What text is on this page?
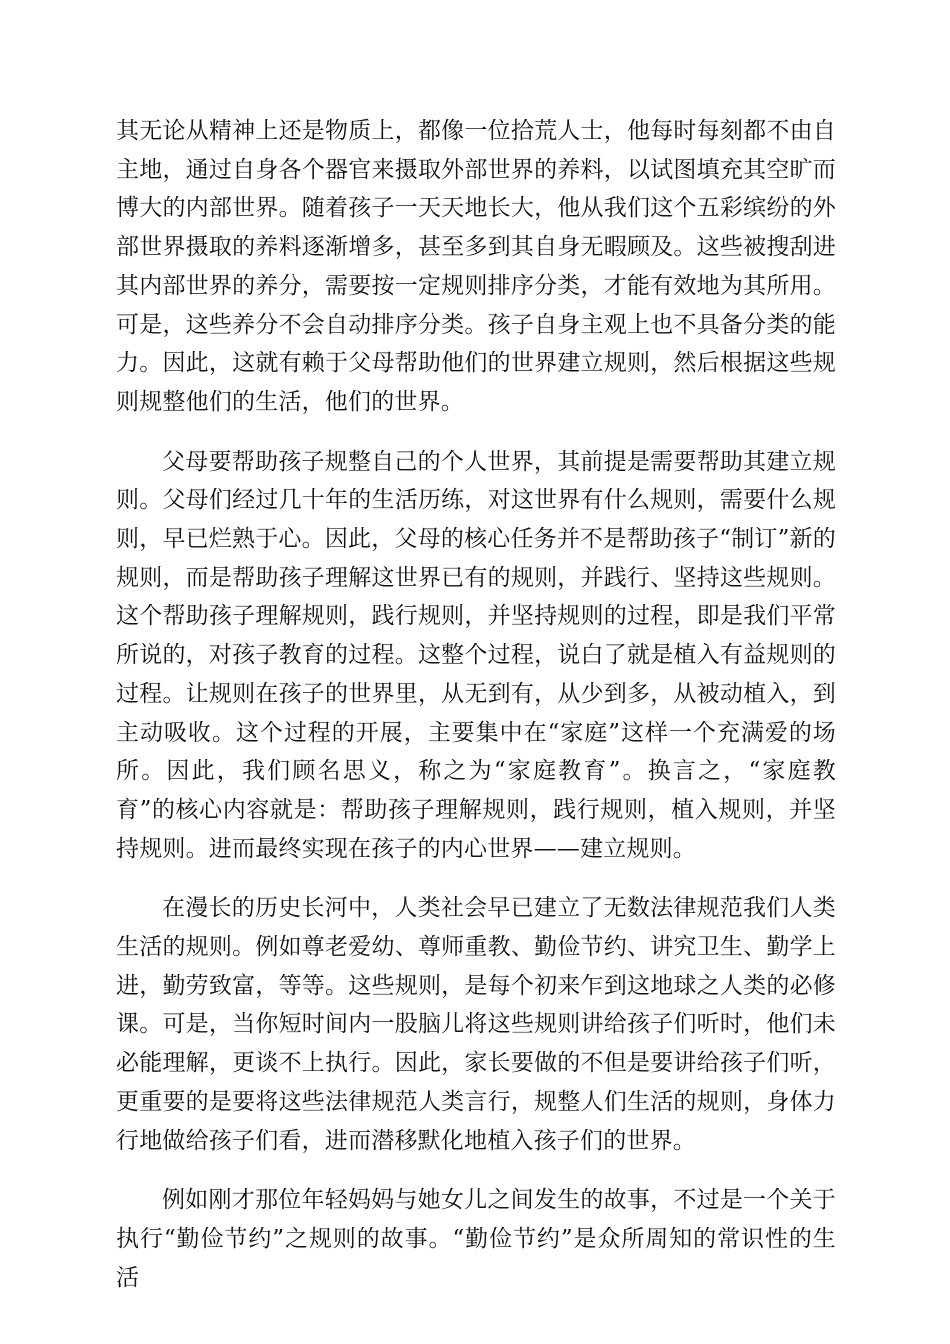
其无论从精神上还是物质上，都像一位拾荒人士，他每时每刻都不由自主地，通过自身各个器官来摄取外部世界的养料，以试图填充其空旷而博大的内部世界。随着孩子一天天地长大，他从我们这个五彩缤纷的外部世界摄取的养料逐渐增多，甚至多到其自身无暇顾及。这些被搜刮进其内部世界的养分，需要按一定规则排序分类，才能有效地为其所用。可是，这些养分不会自动排序分类。孩子自身主观上也不具备分类的能力。因此，这就有赖于父母帮助他们的世界建立规则，然后根据这些规则规整他们的生活，他们的世界。

父母要帮助孩子规整自己的个人世界，其前提是需要帮助其建立规则。父母们经过几十年的生活历练，对这世界有什么规则，需要什么规则，早已烂熟于心。因此，父母的核心任务并不是帮助孩子“制订”新的规则，而是帮助孩子理解这世界已有的规则，并践行、坚持这些规则。这个帮助孩子理解规则，践行规则，并坚持规则的过程，即是我们平常所说的，对孩子教育的过程。这整个过程，说白了就是植入有益规则的过程。让规则在孩子的世界里，从无到有，从少到多，从被动植入，到主动吸收。这个过程的开展，主要集中在“家庭”这样一个充满爱的场所。因此，我们顾名思义，称之为“家庭教育”。换言之，“家庭教育”的核心内容就是：帮助孩子理解规则，践行规则，植入规则，并坚持规则。进而最终实现在孩子的内心世界——建立规则。

在漫长的历史长河中，人类社会早已建立了无数法律规范我们人类生活的规则。例如尊老爱幼、尊师重教、勤俭节约、讲究卫生、勤学上进，勤劳致富，等等。这些规则，是每个初来乍到这地球之人类的必修课。可是，当你短时间内一股脑儿将这些规则讲给孩子们听时，他们未必能理解，更谈不上执行。因此，家长要做的不但是要讲给孩子们听，更重要的是要将这些法律规范人类言行，规整人们生活的规则，身体力行地做给孩子们看，进而潜移默化地植入孩子们的世界。

例如刚才那位年轻妈妈与她女儿之间发生的故事，不过是一个关于执行“勤俭节约”之规则的故事。“勤俭节约”是众所周知的常识性的生活
